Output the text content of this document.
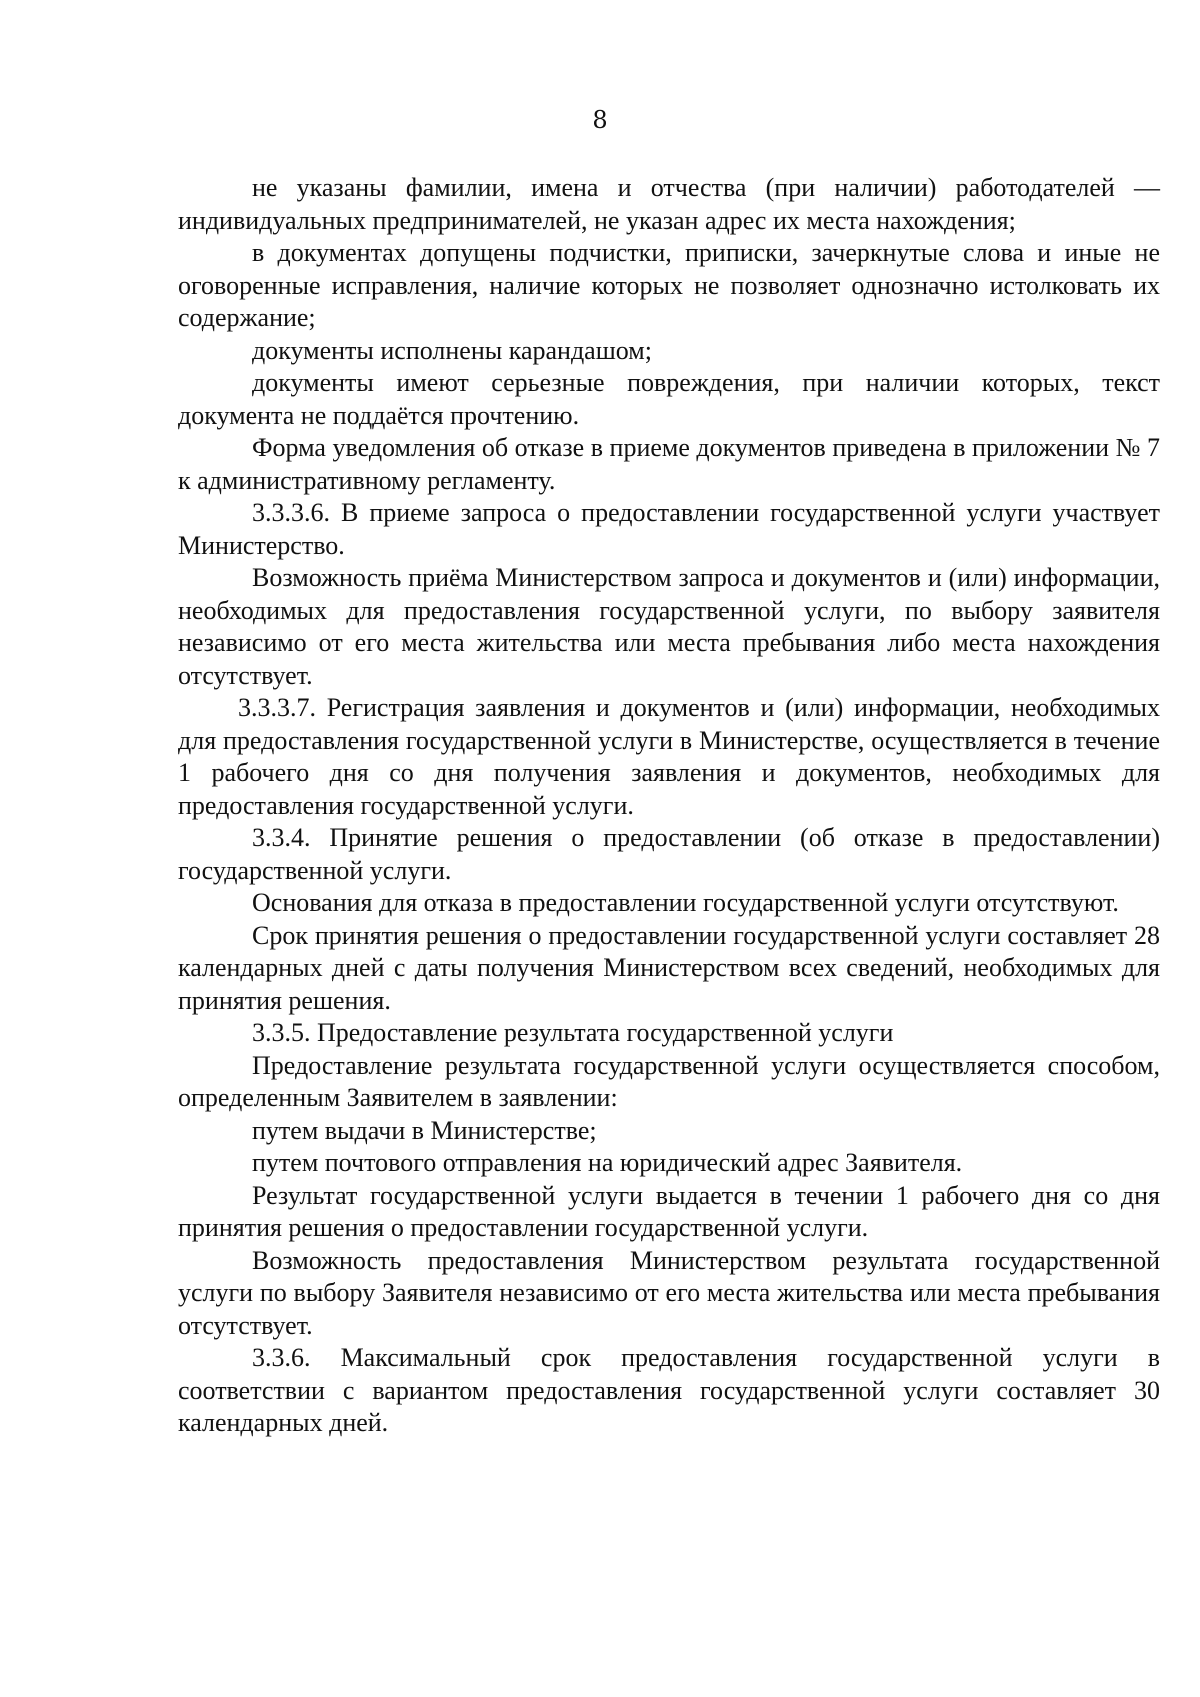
8

не указаны фамилии, имена и отчества (при наличии) работодателей — индивидуальных предпринимателей, не указан адрес их места нахождения;

в документах допущены подчистки, приписки, зачеркнутые слова и иные не оговоренные исправления, наличие которых не позволяет однозначно истолковать их содержание;

документы исполнены карандашом;

документы имеют серьезные повреждения, при наличии которых, текст документа не поддаётся прочтению.

Форма уведомления об отказе в приеме документов приведена в приложении № 7 к административному регламенту.

3.3.3.6. В приеме запроса о предоставлении государственной услуги участвует Министерство.

Возможность приёма Министерством запроса и документов и (или) информации, необходимых для предоставления государственной услуги, по выбору заявителя независимо от его места жительства или места пребывания либо места нахождения отсутствует.

3.3.3.7. Регистрация заявления и документов и (или) информации, необходимых для предоставления государственной услуги в Министерстве, осуществляется в течение 1 рабочего дня со дня получения заявления и документов, необходимых для предоставления государственной услуги.

3.3.4. Принятие решения о предоставлении (об отказе в предоставлении) государственной услуги.

Основания для отказа в предоставлении государственной услуги отсутствуют.

Срок принятия решения о предоставлении государственной услуги составляет 28 календарных дней с даты получения Министерством всех сведений, необходимых для принятия решения.

3.3.5. Предоставление результата государственной услуги

Предоставление результата государственной услуги осуществляется способом, определенным Заявителем в заявлении:

путем выдачи в Министерстве;

путем почтового отправления на юридический адрес Заявителя.

Результат государственной услуги выдается в течении 1 рабочего дня со дня принятия решения о предоставлении государственной услуги.

Возможность предоставления Министерством результата государственной услуги по выбору Заявителя независимо от его места жительства или места пребывания отсутствует.

3.3.6. Максимальный срок предоставления государственной услуги в соответствии с вариантом предоставления государственной услуги составляет 30 календарных дней.
